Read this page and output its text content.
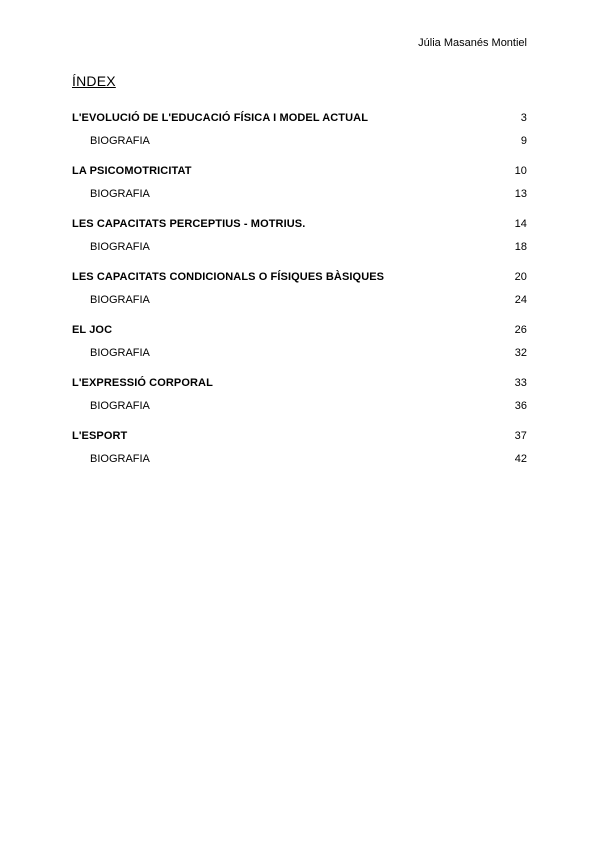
Júlia Masanés Montiel
ÍNDEX
L'EVOLUCIÓ DE L'EDUCACIÓ FÍSICA I MODEL ACTUAL	3
BIOGRAFIA	9
LA PSICOMOTRICITAT	10
BIOGRAFIA	13
LES CAPACITATS PERCEPTIUS - MOTRIUS.	14
BIOGRAFIA	18
LES CAPACITATS CONDICIONALS O FÍSIQUES BÀSIQUES	20
BIOGRAFIA	24
EL JOC	26
BIOGRAFIA	32
L'EXPRESSIÓ CORPORAL	33
BIOGRAFIA	36
L'ESPORT	37
BIOGRAFIA	42
